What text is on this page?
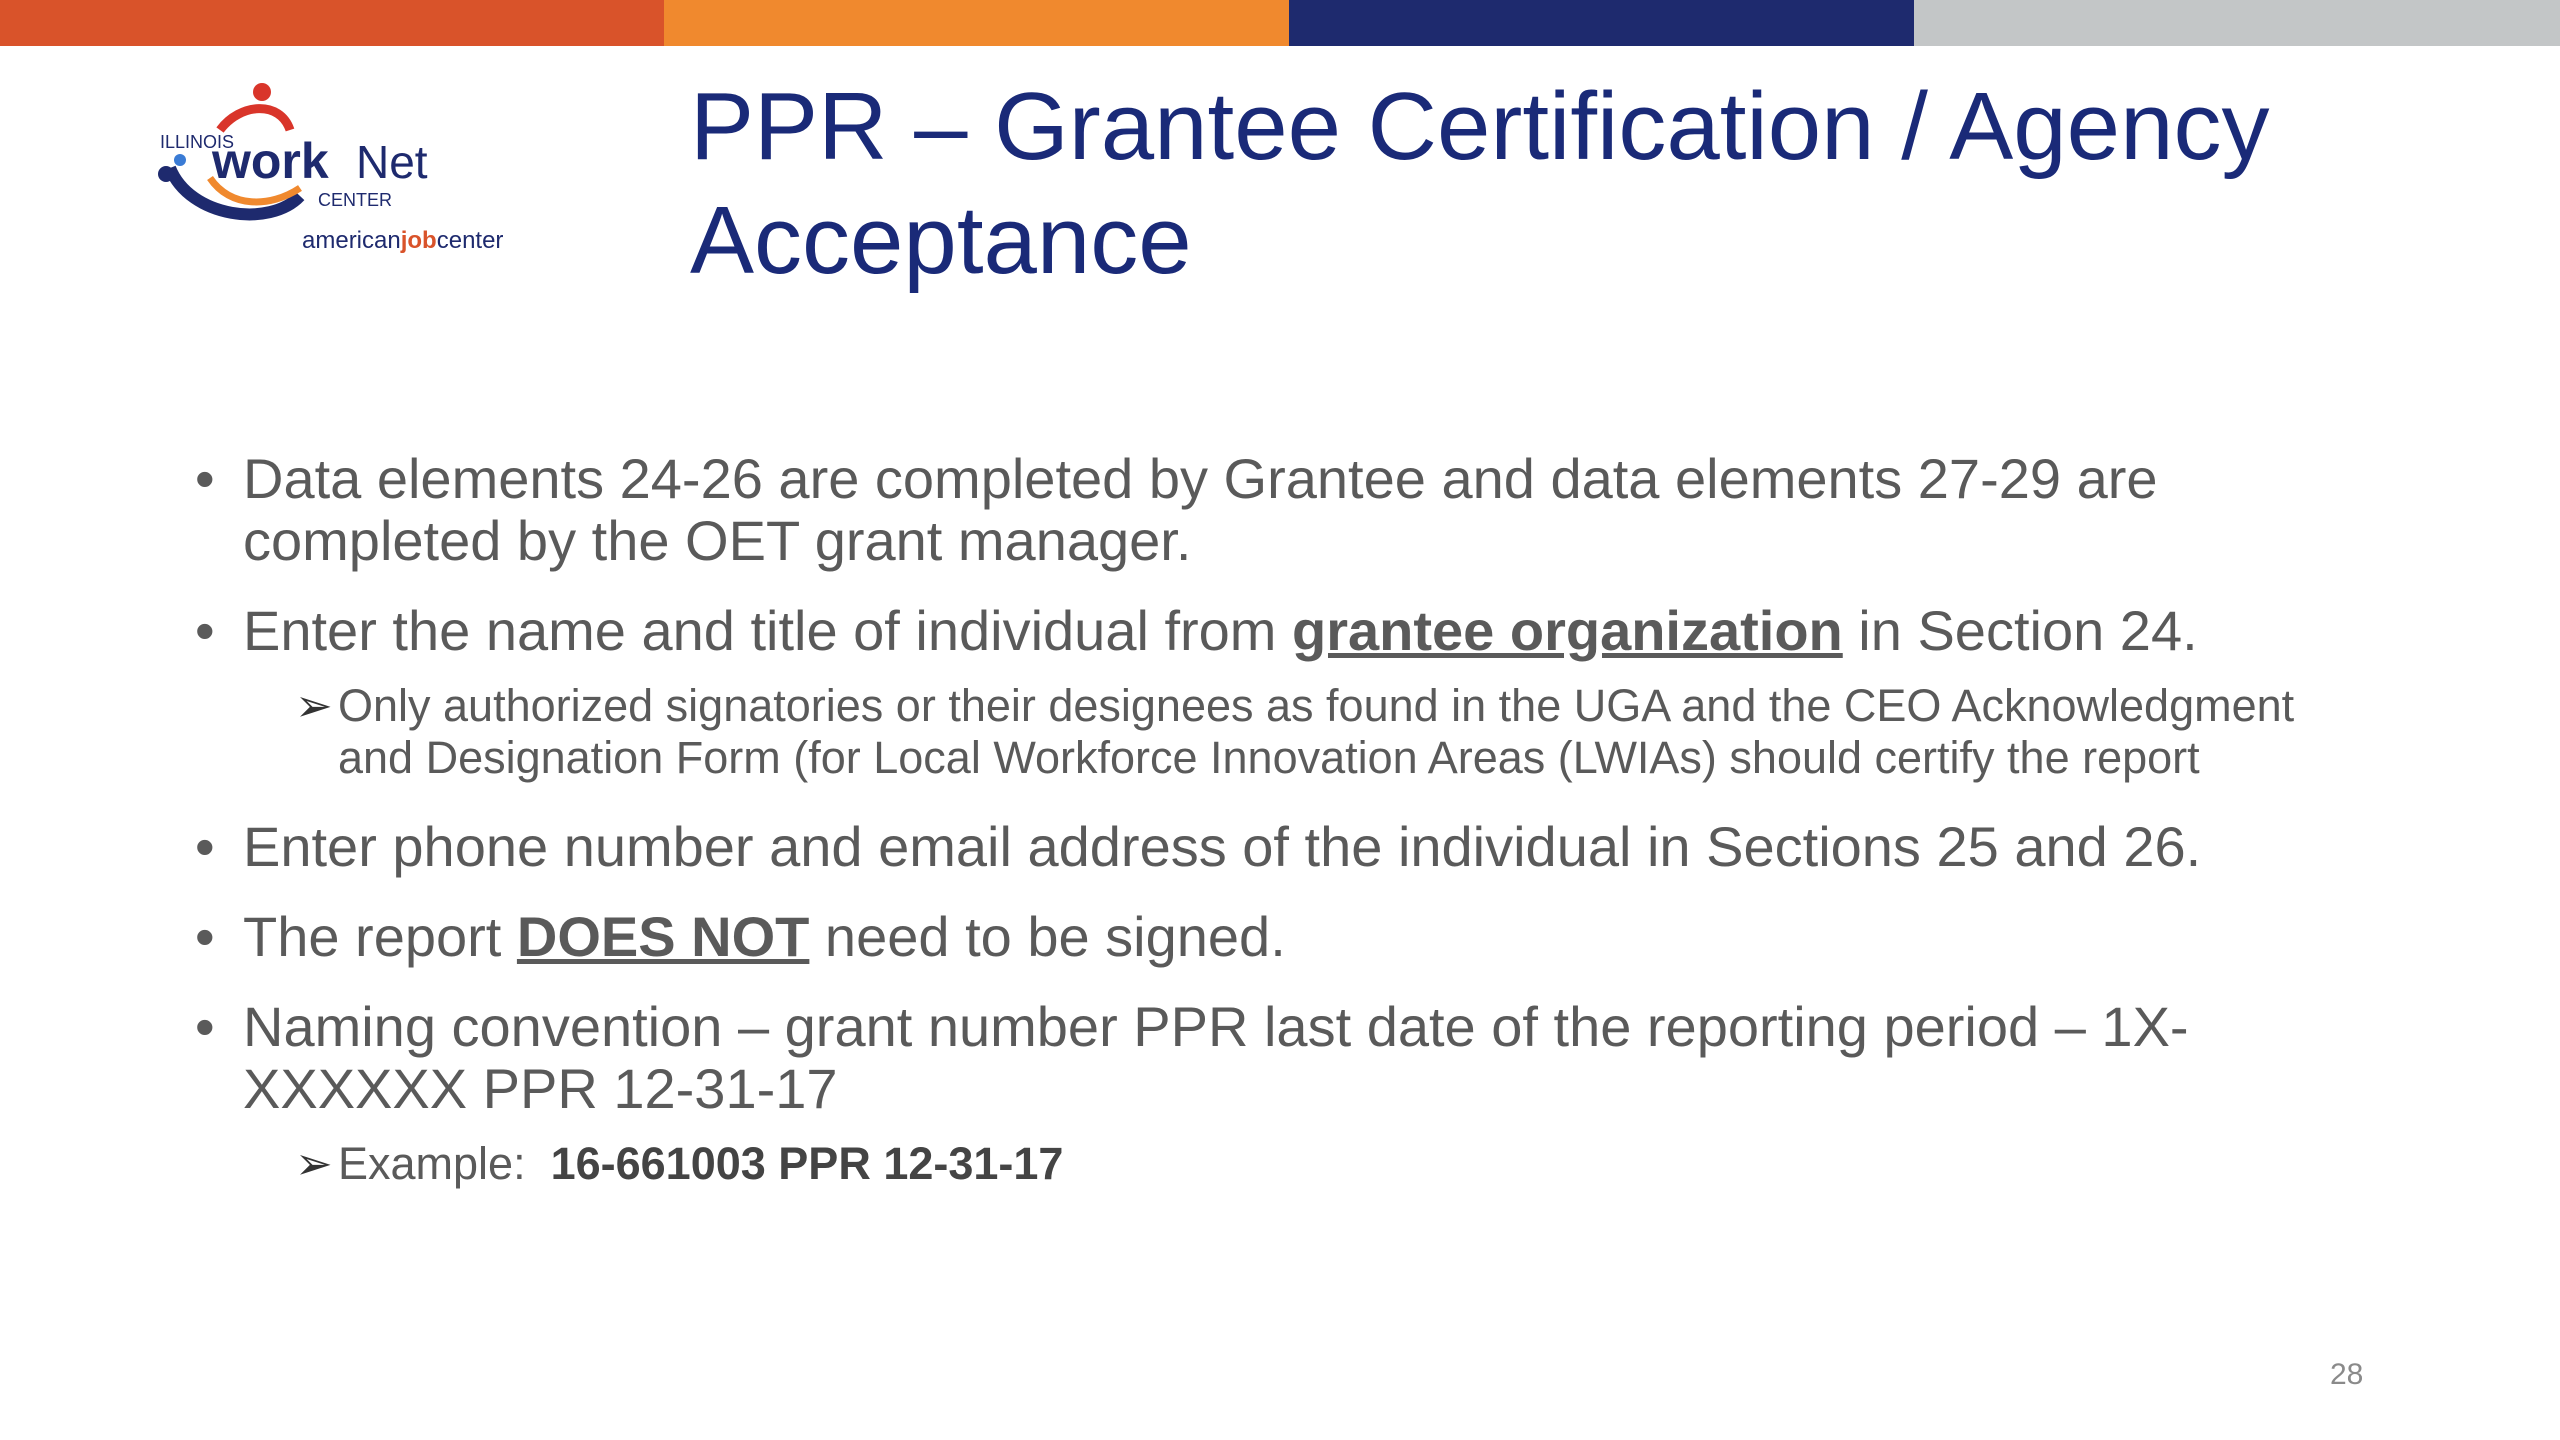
ILLINOIS
work Net
CENTER
americanjobcenter
PPR – Grantee Certification / Agency Acceptance
• Data elements 24-26 are completed by Grantee and data elements 27-29 are completed by the OET grant manager.
• Enter the name and title of individual from grantee organization in Section 24.
➢ Only authorized signatories or their designees as found in the UGA and the CEO Acknowledgment and Designation Form (for Local Workforce Innovation Areas (LWIAs) should certify the report
• Enter phone number and email address of the individual in Sections 25 and 26.
• The report DOES NOT need to be signed.
• Naming convention – grant number PPR last date of the reporting period – 1X-XXXXXX PPR 12-31-17
➢ Example:  16-661003 PPR 12-31-17
28
